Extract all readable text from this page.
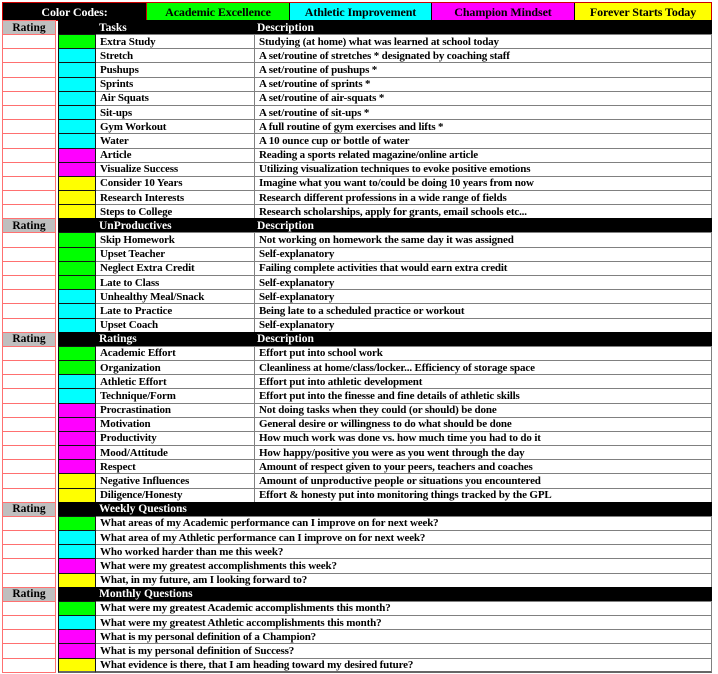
Color Codes:	Academic Excellence	Athletic Improvement	Champion Mindset	Forever Starts Today
Rating	Tasks	Description
Extra Study	Studying (at home) what was learned at school today
Stretch	A set/routine of stretches * designated by coaching staff
Pushups	A set/routine of pushups *
Sprints	A set/routine of sprints *
Air Squats	A set/routine of air-squats *
Sit-ups	A set/routine of sit-ups *
Gym Workout	A full routine of gym exercises and lifts *
Water	A 10 ounce cup or bottle of water
Article	Reading a sports related magazine/online article
Visualize Success	Utilizing visualization techniques to evoke positive emotions
Consider 10 Years	Imagine what you want to/could be doing 10 years from now
Research Interests	Research different professions in a wide range of fields
Steps to College	Research scholarships, apply for grants, email schools etc...
Rating	UnProductives	Description
Skip Homework	Not working on homework the same day it was assigned
Upset Teacher	Self-explanatory
Neglect Extra Credit	Failing complete activities that would earn extra credit
Late to Class	Self-explanatory
Unhealthy Meal/Snack	Self-explanatory
Late to Practice	Being late to a scheduled practice or workout
Upset Coach	Self-explanatory
Rating	Ratings	Description
Academic Effort	Effort put into school work
Organization	Cleanliness at home/class/locker... Efficiency of storage space
Athletic Effort	Effort put into athletic development
Technique/Form	Effort put into the finesse and fine details of athletic skills
Procrastination	Not doing tasks when they could (or should) be done
Motivation	General desire or willingness to do what should be done
Productivity	How much work was done vs. how much time you had to do it
Mood/Attitude	How happy/positive you were as you went through the day
Respect	Amount of respect given to your peers, teachers and coaches
Negative Influences	Amount of unproductive people or situations you encountered
Diligence/Honesty	Effort & honesty put into monitoring things tracked by the GPL
Rating	Weekly Questions
What areas of my Academic performance can I improve on for next week?
What area of my Athletic performance can I improve on for next week?
Who worked harder than me this week?
What were my greatest accomplishments this week?
What, in my future, am I looking forward to?
Rating	Monthly Questions
What were my greatest Academic accomplishments this month?
What were my greatest Athletic accomplishments this month?
What is my personal definition of a Champion?
What is my personal definition of Success?
What evidence is there, that I am heading toward my desired future?
